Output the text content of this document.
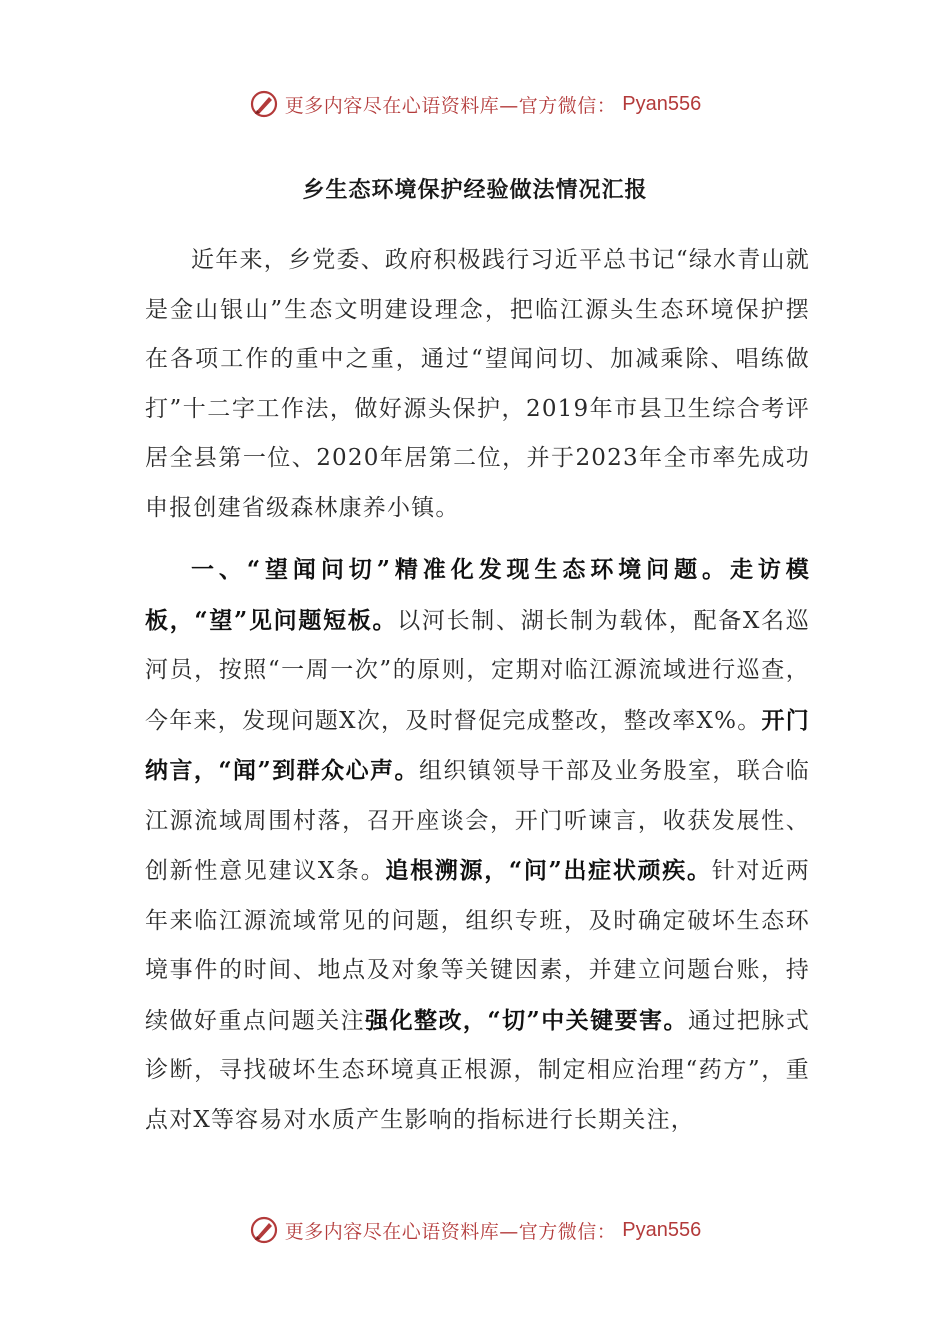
更多内容尽在心语资料库—官方微信： Pyan556
乡生态环境保护经验做法情况汇报

近年来，乡党委、政府积极践行习近平总书记“绿水青山就是金山银山”生态文明建设理念，把临江源头生态环境保护摆在各项工作的重中之重，通过“望闻问切、加减乘除、唱练做打”十二字工作法，做好源头保护，2019年市县卫生综合考评居全县第一位、2020年居第二位，并于2023年全市率先成功申报创建省级森林康养小镇。

一、“望闻问切”精准化发现生态环境问题。走访模板，“望”见问题短板。以河长制、湖长制为载体，配备X名巡河员，按照“一周一次”的原则，定期对临江源流域进行巡查，今年来，发现问题X次，及时督促完成整改，整改率X%。开门纳言，“闻”到群众心声。组织镇领导干部及业务股室，联合临江源流域周围村落，召开座谈会，开门听谏言，收获发展性、创新性意见建议X条。追根溯源，“问”出症状顽疾。针对近两年来临江源流域常见的问题，组织专班，及时确定破坏生态环境事件的时间、地点及对象等关键因素，并建立问题台账，持续做好重点问题关注强化整改，“切”中关键要害。通过把脉式诊断，寻找破坏生态环境真正根源，制定相应治理“药方”，重点对X等容易对水质产生影响的指标进行长期关注，

更多内容尽在心语资料库—官方微信： Pyan556
